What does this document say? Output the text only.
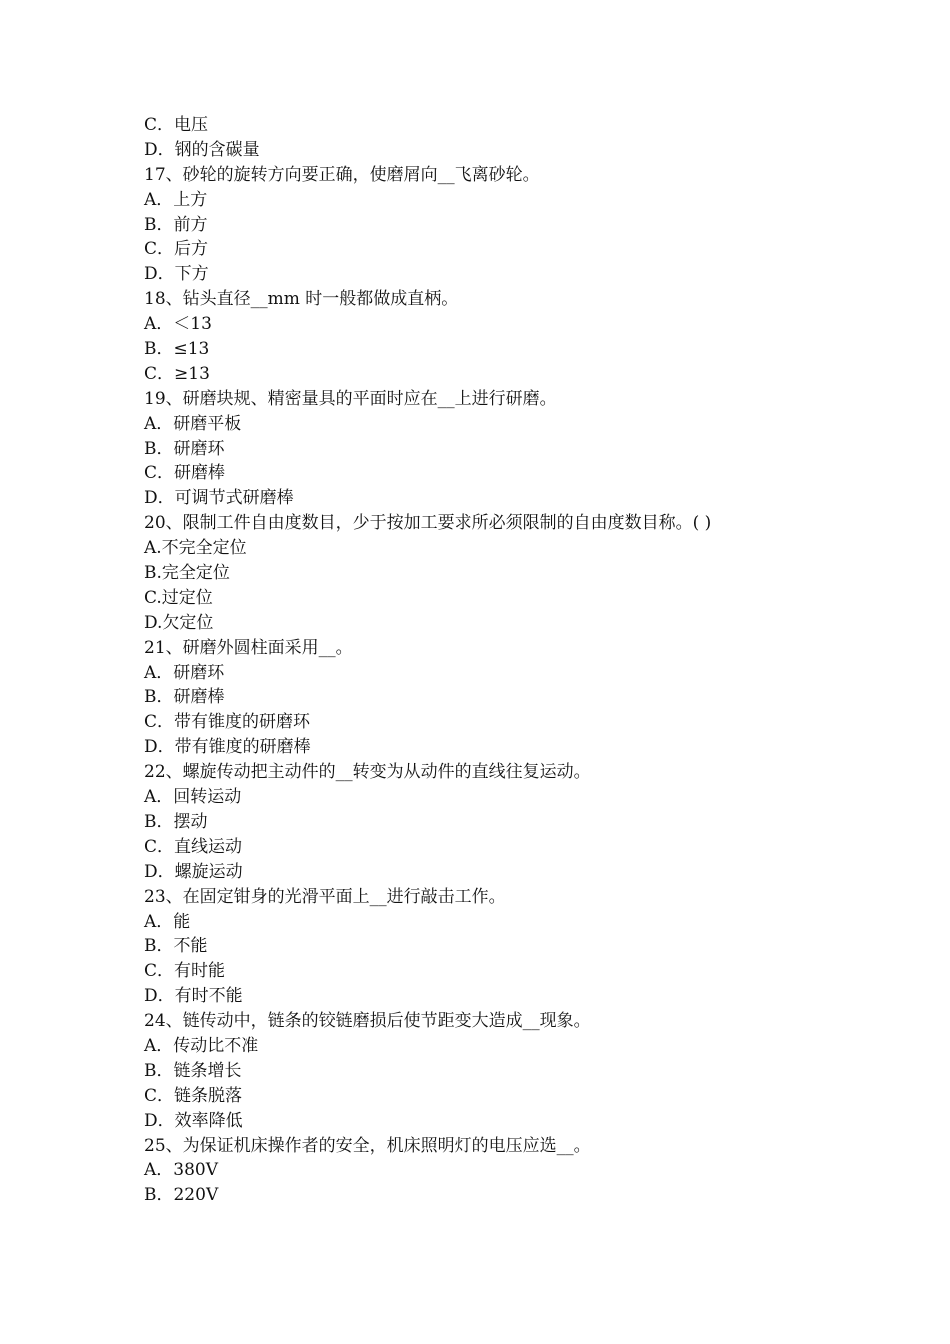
C．电压
D．钢的含碳量
17、砂轮的旋转方向要正确，使磨屑向__飞离砂轮。
A．上方
B．前方
C．后方
D．下方
18、钻头直径__mm 时一般都做成直柄。
A．＜13
B．≤13
C．≥13
19、研磨块规、精密量具的平面时应在__上进行研磨。
A．研磨平板
B．研磨环
C．研磨棒
D．可调节式研磨棒
20、限制工件自由度数目，少于按加工要求所必须限制的自由度数目称。( )
A.不完全定位
B.完全定位
C.过定位
D.欠定位
21、研磨外圆柱面采用__。
A．研磨环
B．研磨棒
C．带有锥度的研磨环
D．带有锥度的研磨棒
22、螺旋传动把主动件的__转变为从动件的直线往复运动。
A．回转运动
B．摆动
C．直线运动
D．螺旋运动
23、在固定钳身的光滑平面上__进行敲击工作。
A．能
B．不能
C．有时能
D．有时不能
24、链传动中，链条的铰链磨损后使节距变大造成__现象。
A．传动比不准
B．链条增长
C．链条脱落
D．效率降低
25、为保证机床操作者的安全，机床照明灯的电压应选__。
A．380V
B．220V
